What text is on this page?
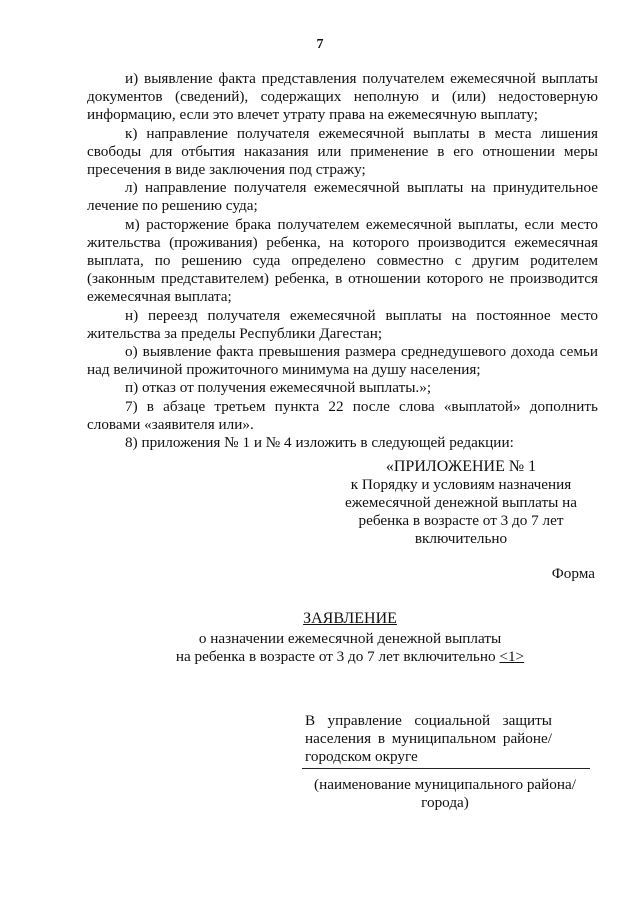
7

и) выявление факта представления получателем ежемесячной выплаты документов (сведений), содержащих неполную и (или) недостоверную информацию, если это влечет утрату права на ежемесячную выплату;

к) направление получателя ежемесячной выплаты в места лишения свободы для отбытия наказания или применение в его отношении меры пресечения в виде заключения под стражу;

л) направление получателя ежемесячной выплаты на принудительное лечение по решению суда;

м) расторжение брака получателем ежемесячной выплаты, если место жительства (проживания) ребенка, на которого производится ежемесячная выплата, по решению суда определено совместно с другим родителем (законным представителем) ребенка, в отношении которого не производится ежемесячная выплата;

н) переезд получателя ежемесячной выплаты на постоянное место жительства за пределы Республики Дагестан;

о) выявление факта превышения размера среднедушевого дохода семьи над величиной прожиточного минимума на душу населения;

п) отказ от получения ежемесячной выплаты.»;

7) в абзаце третьем пункта 22 после слова «выплатой» дополнить словами «заявителя или».

8) приложения № 1 и № 4 изложить в следующей редакции:

«ПРИЛОЖЕНИЕ № 1
к Порядку и условиям назначения
ежемесячной денежной выплаты на
ребенка в возрасте от 3 до 7 лет
включительно
Форма
ЗАЯВЛЕНИЕ
о назначении ежемесячной денежной выплаты
на ребенка в возрасте от 3 до 7 лет включительно <1>
В управление социальной защиты населения в муниципальном районе/ городском округе
(наименование муниципального района/
города)
